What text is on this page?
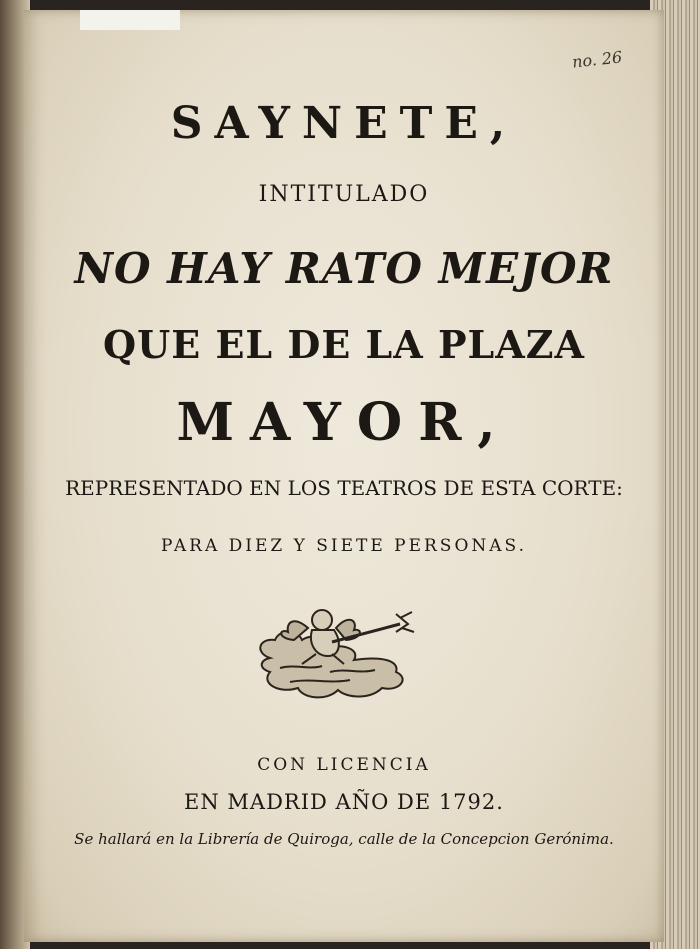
no. 26
SAYNETE,
INTITULADO
NO HAY RATO MEJOR
QUE EL DE LA PLAZA
MAYOR,
REPRESENTADO EN LOS TEATROS DE ESTA CORTE:
PARA DIEZ Y SIETE PERSONAS.
CON LICENCIA
EN MADRID AÑO DE 1792.
Se hallará en la Librería de Quiroga, calle de la Concepcion Gerónima.
